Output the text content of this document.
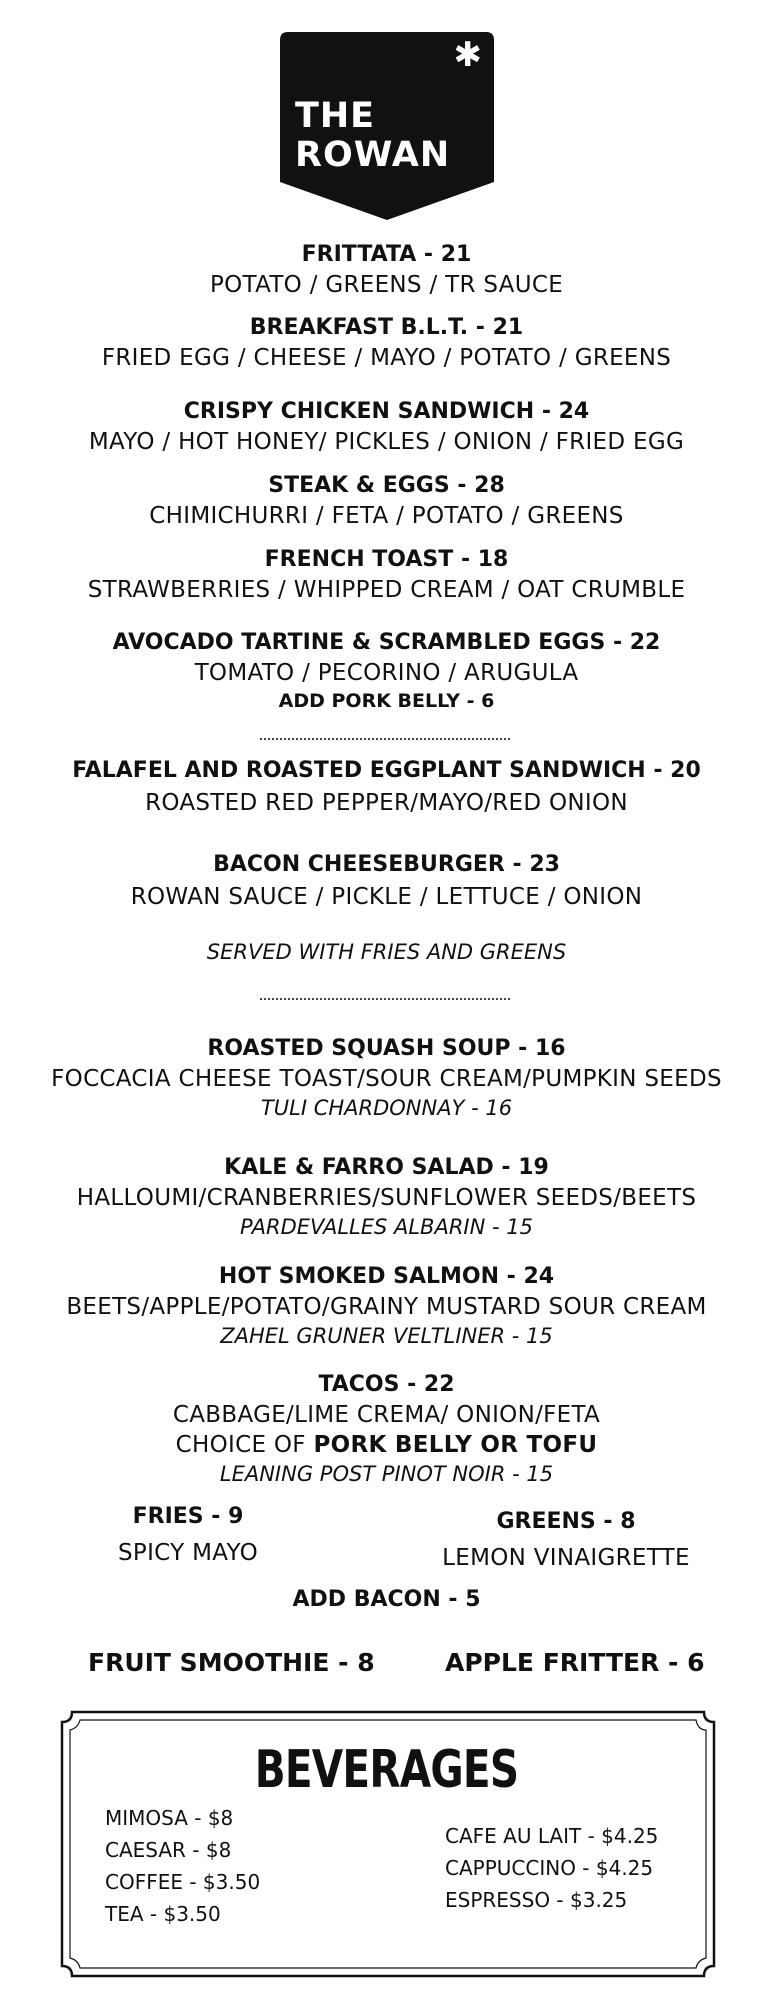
✱
THE
ROWAN

FRITTATA - 21

POTATO / GREENS / TR SAUCE

BREAKFAST B.L.T. - 21

FRIED EGG / CHEESE / MAYO / POTATO / GREENS

CRISPY CHICKEN SANDWICH - 24

MAYO / HOT HONEY/ PICKLES / ONION / FRIED EGG

STEAK & EGGS - 28

CHIMICHURRI / FETA / POTATO / GREENS

FRENCH TOAST - 18

STRAWBERRIES / WHIPPED CREAM / OAT CRUMBLE

AVOCADO TARTINE & SCRAMBLED EGGS - 22

TOMATO / PECORINO / ARUGULA

ADD PORK BELLY - 6

FALAFEL AND ROASTED EGGPLANT SANDWICH - 20

ROASTED RED PEPPER/MAYO/RED ONION

BACON CHEESEBURGER - 23

ROWAN SAUCE / PICKLE / LETTUCE / ONION

SERVED WITH FRIES AND GREENS

ROASTED SQUASH SOUP - 16

FOCCACIA CHEESE TOAST/SOUR CREAM/PUMPKIN SEEDS

TULI CHARDONNAY - 16

KALE & FARRO SALAD - 19

HALLOUMI/CRANBERRIES/SUNFLOWER SEEDS/BEETS

PARDEVALLES ALBARIN - 15

HOT SMOKED SALMON - 24

BEETS/APPLE/POTATO/GRAINY MUSTARD SOUR CREAM

ZAHEL GRUNER VELTLINER - 15

TACOS - 22

CABBAGE/LIME CREMA/ ONION/FETA

CHOICE OF PORK BELLY OR TOFU

LEANING POST PINOT NOIR - 15

FRIES - 9

SPICY MAYO

GREENS - 8

LEMON VINAIGRETTE

ADD BACON - 5

FRUIT SMOOTHIE - 8	APPLE FRITTER - 6
BEVERAGES
MIMOSA - $8
CAESAR - $8
COFFEE - $3.50
TEA - $3.50
CAFE AU LAIT - $4.25
CAPPUCCINO - $4.25
ESPRESSO - $3.25
